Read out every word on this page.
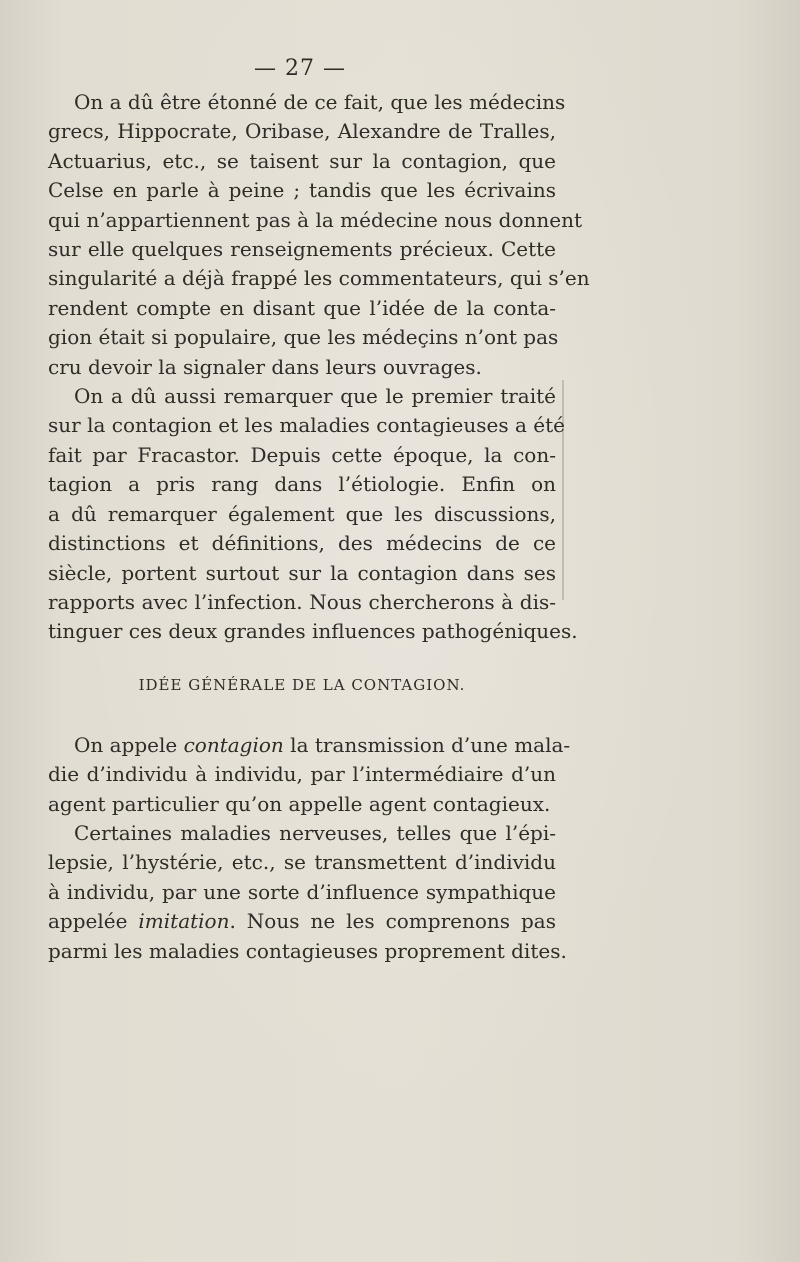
— 27 —
On a dû être étonné de ce fait, que les médecins
grecs, Hippocrate, Oribase, Alexandre de Tralles,
Actuarius, etc., se taisent sur la contagion, que
Celse en parle à peine ; tandis que les écrivains
qui n’appartiennent pas à la médecine nous donnent
sur elle quelques renseignements précieux. Cette
singularité a déjà frappé les commentateurs, qui s’en
rendent compte en disant que l’idée de la conta-
gion était si populaire, que les médeçins n’ont pas
cru devoir la signaler dans leurs ouvrages.
On a dû aussi remarquer que le premier traité
sur la contagion et les maladies contagieuses a été
fait par Fracastor. Depuis cette époque, la con-
tagion a pris rang dans l’étiologie. Enfin on
a dû remarquer également que les discussions,
distinctions et définitions, des médecins de ce
siècle, portent surtout sur la contagion dans ses
rapports avec l’infection. Nous chercherons à dis-
tinguer ces deux grandes influences pathogéniques.
IDÉE GÉNÉRALE DE LA CONTAGION.
On appele contagion la transmission d’une mala-
die d’individu à individu, par l’intermédiaire d’un
agent particulier qu’on appelle agent contagieux.
Certaines maladies nerveuses, telles que l’épi-
lepsie, l’hystérie, etc., se transmettent d’individu
à individu, par une sorte d’influence sympathique
appelée imitation. Nous ne les comprenons pas
parmi les maladies contagieuses proprement dites.
